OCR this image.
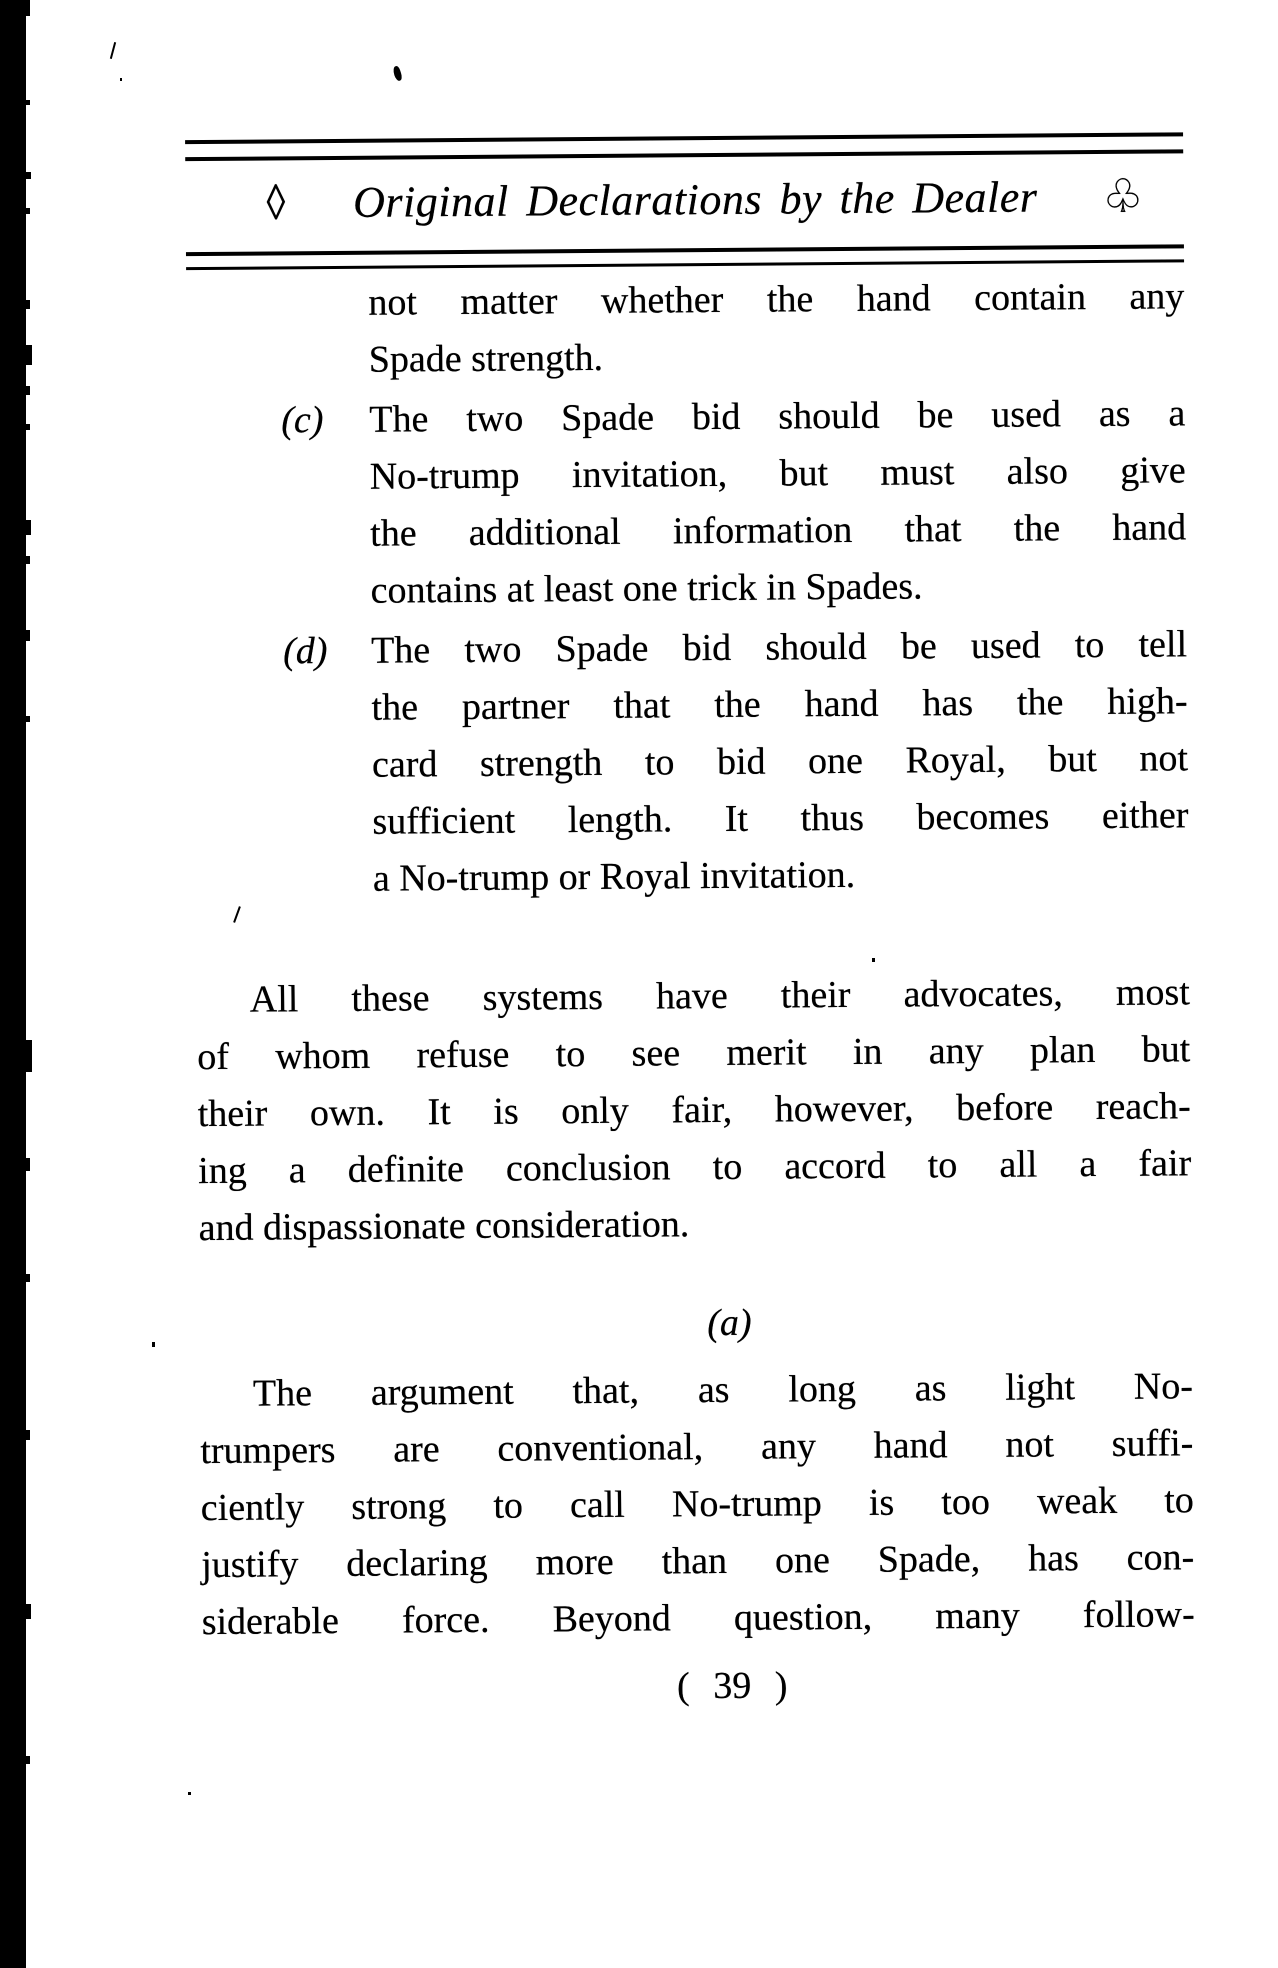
◊ Original Declarations by the Dealer ♧
not matter whether the hand contain any
Spade strength.
(c) The two Spade bid should be used as a
No-trump invitation, but must also give
the additional information that the hand
contains at least one trick in Spades.
(d) The two Spade bid should be used to tell
the partner that the hand has the high-
card strength to bid one Royal, but not
sufficient length. It thus becomes either
a No-trump or Royal invitation.
All these systems have their advocates, most
of whom refuse to see merit in any plan but
their own. It is only fair, however, before reach-
ing a definite conclusion to accord to all a fair
and dispassionate consideration.
(a)
The argument that, as long as light No-
trumpers are conventional, any hand not suffi-
ciently strong to call No-trump is too weak to
justify declaring more than one Spade, has con-
siderable force. Beyond question, many follow-
( 39 )
